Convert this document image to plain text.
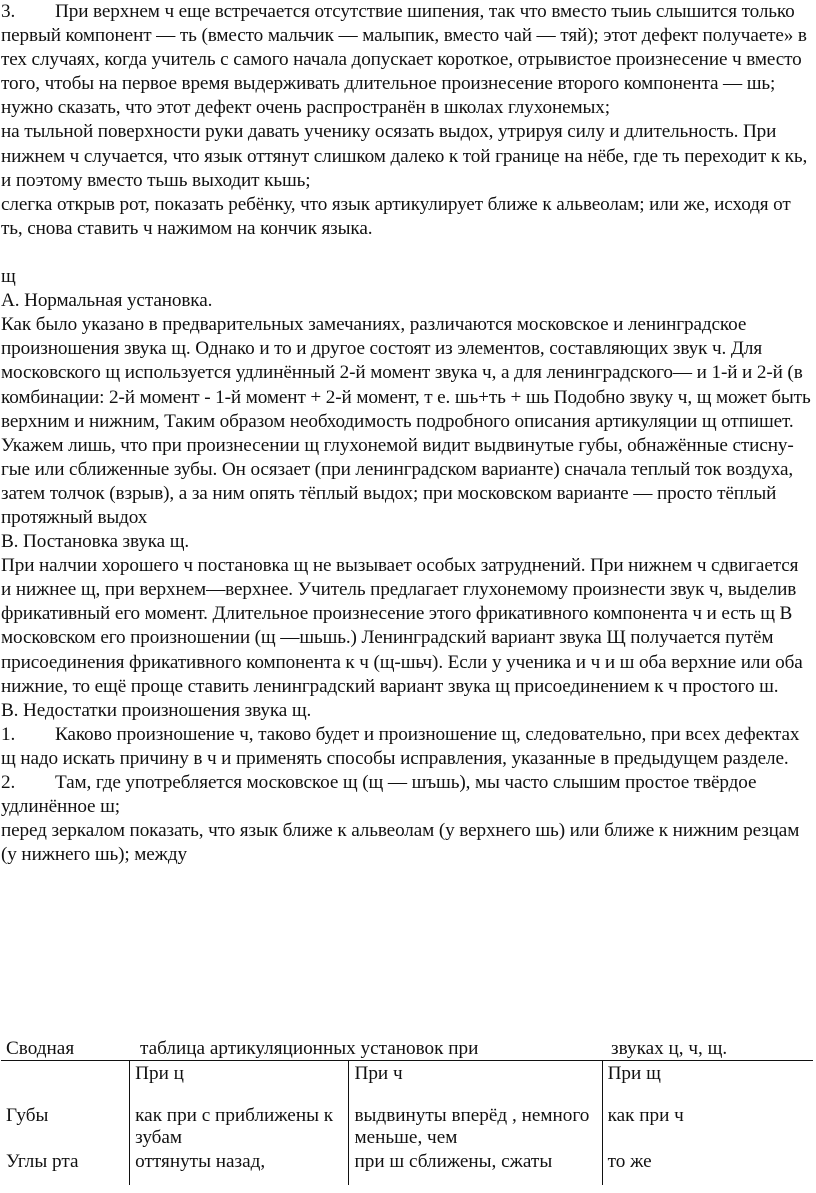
3. При верхнем ч еще встречается отсутствие шипения, так что вместо тыиь слышится только первый компонент — ть (вместо мальчик — малыпик, вместо чай — тяй); этот дефект получаете» в тех случаях, когда учитель с самого начала допускает короткое, отрывистое произнесение ч вместо того, чтобы на первое время выдерживать длительное произнесение второго компонента — шь; нужно сказать, что этот дефект очень распространён в школах глухонемых;

на тыльной поверхности руки давать ученику осязать выдох, утрируя силу и длительность. При нижнем ч случается, что язык оттянут слишком далеко к той границе на нёбе, где ть переходит к кь, и поэтому вместо тьшь выходит кьшь;

слегка открыв рот, показать ребёнку, что язык артикулирует ближе к альвеолам; или же, исходя от ть, снова ставить ч нажимом на кончик языка.

щ

А. Нормальная установка.

Как было указано в предварительных замечаниях, различаются московское и ленинградское произношения звука щ. Однако и то и другое состоят из элементов, составляющих звук ч. Для московского щ используется удлинённый 2-й момент звука ч, а для ленинградского— и 1-й и 2-й (в комбинации: 2-й момент - 1-й момент + 2-й момент, т е. шь+ть + шь Подобно звуку ч, щ может быть верхним и нижним, Таким образом необходимость подробного описания артикуляции щ отпишет. Укажем лишь, что при произнесении щ глухонемой видит выдвинутые губы, обнажённые стисну-гые или сближенные зубы. Он осязает (при ленинградском варианте) сначала теплый ток воздуха, затем толчок (взрыв), а за ним опять тёплый выдох; при московском варианте — просто тёплый протяжный выдох

В. Постановка звука щ.

При налчии хорошего ч постановка щ не вызывает особых затруднений. При нижнем ч сдвигается и нижнее щ, при верхнем—верхнее. Учитель предлагает глухонемому произнести звук ч, выделив

фрикативный его момент. Длительное произнесение этого фрикативного компонента ч и есть щ В московском его произношении (щ —шьшь.) Ленинградский вариант звука Щ получается путём присоединения фрикативного компонента к ч (щ-шьч). Если у ученика и ч и ш оба верхние или оба нижние, то ещё проще ставить ленинградский вариант звука щ присоединением к ч простого ш.

В. Недостатки произношения звука щ.

1. Каково произношение ч, таково будет и произношение щ, следовательно, при всех дефектах щ надо искать причину в ч и применять способы исправления, указанные в предыдущем разделе.

2. Там, где употребляется московское щ (щ — шъшь), мы часто слышим простое твёрдое удлинённое ш;

перед зеркалом показать, что язык ближе к альвеолам (у верхнего шь) или ближе к нижним резцам (у нижнего шь); между

Сводная	таблица артикуляционных установок при	звуках ц, ч, щ.
	При ц	При ч	При щ
Губы	как при с приближены к зубам	выдвинуты вперёд , немного меньше, чем	как при ч
Углы рта	оттянуты назад,	при ш сближены, сжаты	то же
